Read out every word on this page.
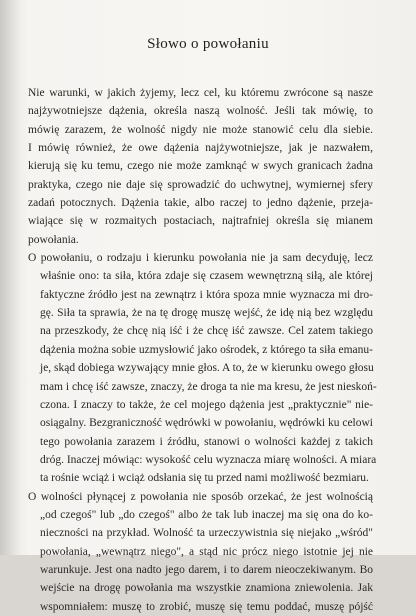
Słowo o powołaniu
Nie warunki, w jakich żyjemy, lecz cel, ku któremu zwrócone są nasze
najżywotniejsze dążenia, określa naszą wolność. Jeśli tak mówię, to
mówię zarazem, że wolność nigdy nie może stanowić celu dla siebie.
I mówię również, że owe dążenia najżywotniejsze, jak je nazwałem,
kierują się ku temu, czego nie może zamknąć w swych granicach żadna
praktyka, czego nie daje się sprowadzić do uchwytnej, wymiernej sfery
zadań potocznych. Dążenia takie, albo raczej to jedno dążenie, przeja-
wiające się w rozmaitych postaciach, najtrafniej określa się mianem
powołania.
O powołaniu, o rodzaju i kierunku powołania nie ja sam decyduję, lecz
właśnie ono: ta siła, która zdaje się czasem wewnętrzną siłą, ale której
faktyczne źródło jest na zewnątrz i która spoza mnie wyznacza mi dro-
gę. Siła ta sprawia, że na tę drogę muszę wejść, że idę nią bez względu
na przeszkody, że chcę nią iść i że chcę iść zawsze. Cel zatem takiego
dążenia można sobie uzmysłowić jako ośrodek, z którego ta siła emanu-
je, skąd dobiega wzywający mnie głos. A to, że w kierunku owego głosu
mam i chcę iść zawsze, znaczy, że droga ta nie ma kresu, że jest nieskoń-
czona. I znaczy to także, że cel mojego dążenia jest „praktycznie" nie-
osiągalny. Bezgraniczność wędrówki w powołaniu, wędrówki ku celowi
tego powołania zarazem i źródłu, stanowi o wolności każdej z takich
dróg. Inaczej mówiąc: wysokość celu wyznacza miarę wolności. A miara
ta rośnie wciąż i wciąż odsłania się tu przed nami możliwość bezmiaru.
O wolności płynącej z powołania nie sposób orzekać, że jest wolnością
„od czegoś" lub „do czegoś" albo że tak lub inaczej ma się ona do ko-
nieczności na przykład. Wolność ta urzeczywistnia się niejako „wśród"
powołania, „wewnątrz niego", a stąd nic prócz niego istotnie jej nie
warunkuje. Jest ona nadto jego darem, i to darem nieoczekiwanym. Bo
wejście na drogę powołania ma wszystkie znamiona zniewolenia. Jak
wspomniałem: muszę to zrobić, muszę się temu poddać, muszę pójść
